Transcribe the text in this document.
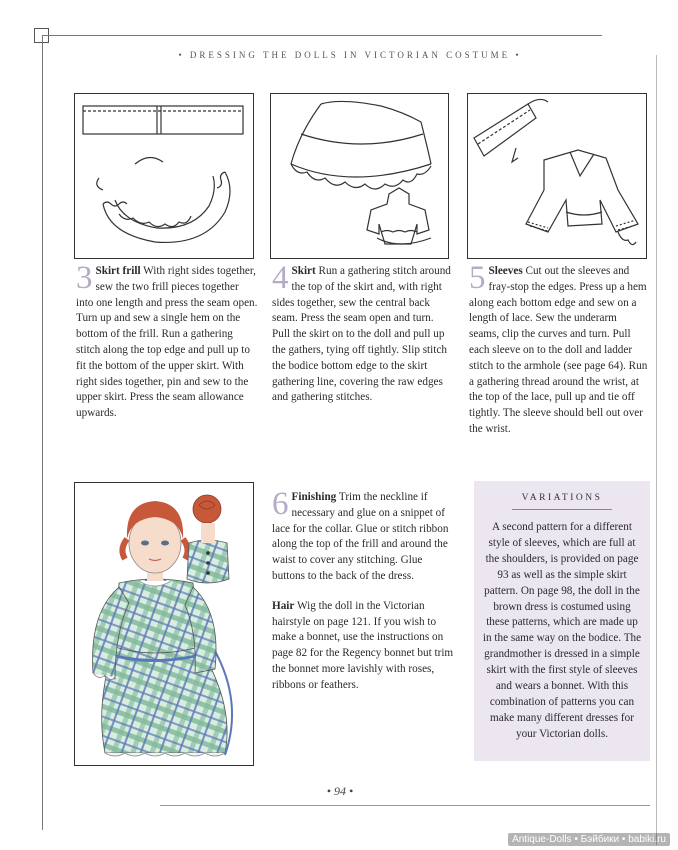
• DRESSING THE DOLLS IN VICTORIAN COSTUME •

3 Skirt frill With right sides together, sew the two frill pieces together into one length and press the seam open. Turn up and sew a single hem on the bottom of the frill. Run a gathering stitch along the top edge and pull up to fit the bottom of the upper skirt. With right sides together, pin and sew to the upper skirt. Press the seam allowance upwards.

4 Skirt Run a gathering stitch around the top of the skirt and, with right sides together, sew the central back seam. Press the seam open and turn. Pull the skirt on to the doll and pull up the gathers, tying off tightly. Slip stitch the bodice bottom edge to the skirt gathering line, covering the raw edges and gathering stitches.

5 Sleeves Cut out the sleeves and fray-stop the edges. Press up a hem along each bottom edge and sew on a length of lace. Sew the underarm seams, clip the curves and turn. Pull each sleeve on to the doll and ladder stitch to the armhole (see page 64). Run a gathering thread around the wrist, at the top of the lace, pull up and tie off tightly. The sleeve should bell out over the wrist.

6 Finishing Trim the neckline if necessary and glue on a snippet of lace for the collar. Glue or stitch ribbon along the top of the frill and around the waist to cover any stitching. Glue buttons to the back of the dress.

Hair Wig the doll in the Victorian hairstyle on page 121. If you wish to make a bonnet, use the instructions on page 82 for the Regency bonnet but trim the bonnet more lavishly with roses, ribbons or feathers.

VARIATIONS
A second pattern for a different style of sleeves, which are full at the shoulders, is provided on page 93 as well as the simple skirt pattern. On page 98, the doll in the brown dress is costumed using these patterns, which are made up in the same way on the bodice. The grandmother is dressed in a simple skirt with the first style of sleeves and wears a bonnet. With this combination of patterns you can make many different dresses for your Victorian dolls.
• 94 •
Antique-Dolls • Бэйбики • babiki.ru
